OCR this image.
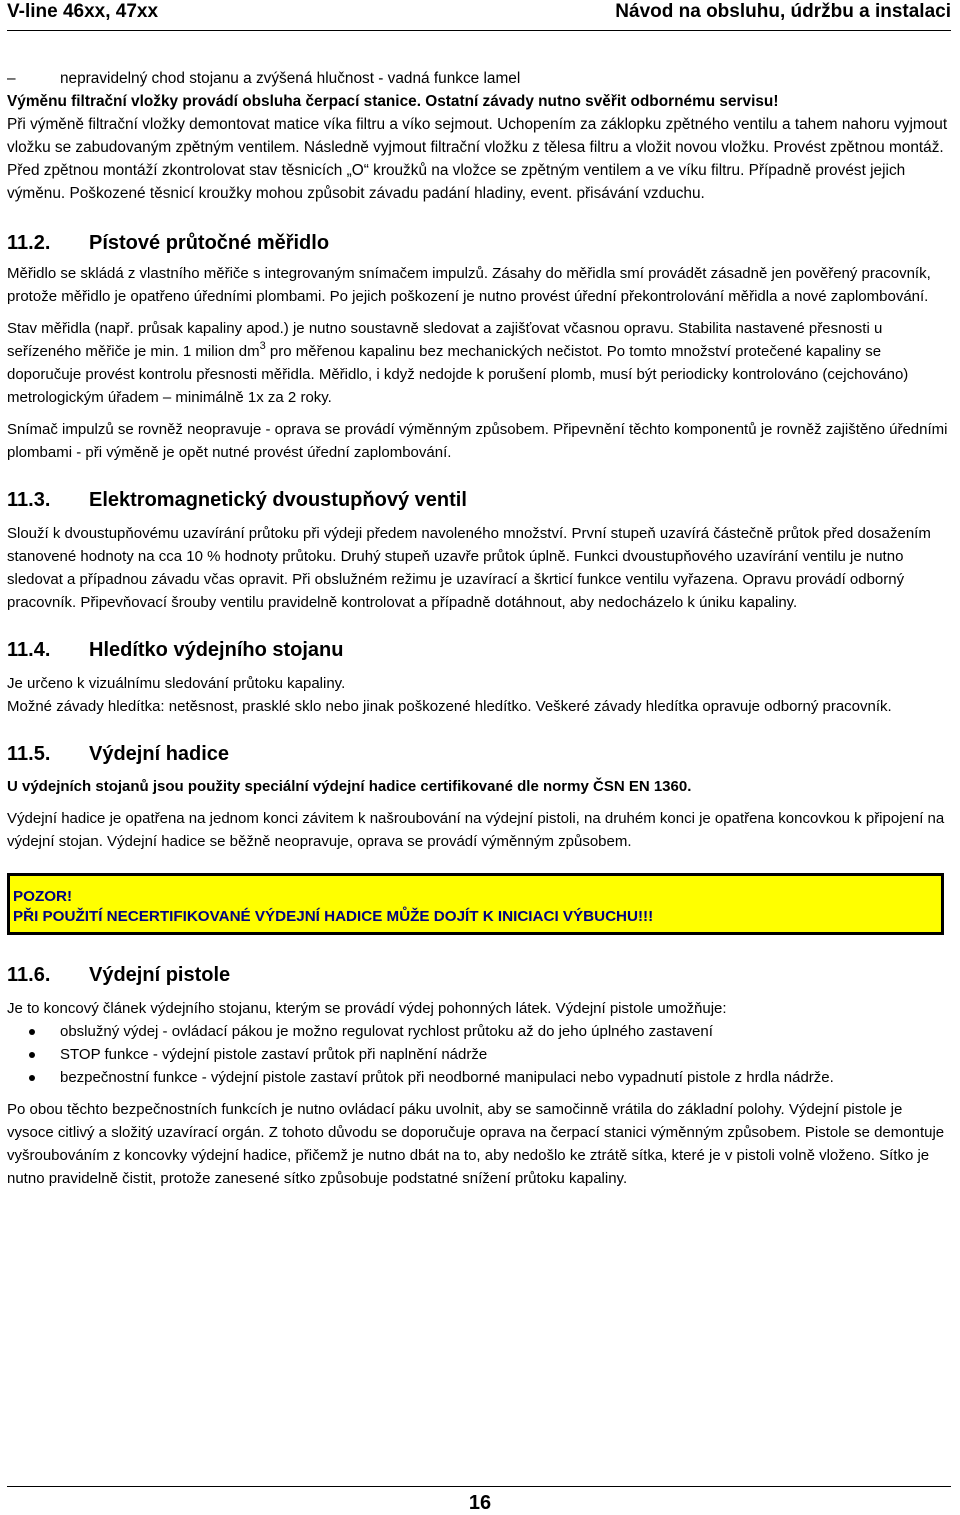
V-line 46xx, 47xx	Návod na obsluhu, údržbu a instalaci
–	nepravidelný chod stojanu a zvýšená hlučnost - vadná funkce lamel

Výměnu filtrační vložky provádí obsluha čerpací stanice. Ostatní závady nutno svěřit odbornému servisu!

Při výměně filtrační vložky demontovat matice víka filtru a víko sejmout. Uchopením za záklopku zpětného ventilu a tahem nahoru vyjmout vložku se zabudovaným zpětným ventilem. Následně vyjmout filtrační vložku z tělesa filtru a vložit novou vložku. Provést zpětnou montáž. Před zpětnou montáží zkontrolovat stav těsnicích „O“ kroužků na vložce se zpětným ventilem a ve víku filtru. Případně provést jejich výměnu. Poškozené těsnicí kroužky mohou způsobit závadu padání hladiny, event. přisávání vzduchu.

11.2.	Pístové průtočné měřidlo

Měřidlo se skládá z vlastního měřiče s integrovaným snímačem impulzů. Zásahy do měřidla smí provádět zásadně jen pověřený pracovník, protože měřidlo je opatřeno úředními plombami. Po jejich poškození je nutno provést úřední překontrolování měřidla a nové zaplombování.

Stav měřidla (např. průsak kapaliny apod.) je nutno soustavně sledovat a zajišťovat včasnou opravu. Stabilita nastavené přesnosti u seřízeného měřiče je min. 1 milion $dm^3$ pro měřenou kapalinu bez mechanických nečistot. Po tomto množství protečené kapaliny se doporučuje provést kontrolu přesnosti měřidla. Měřidlo, i když nedojde k porušení plomb, musí být periodicky kontrolováno (cejchováno) metrologickým úřadem – minimálně 1x za 2 roky.

Snímač impulzů se rovněž neopravuje - oprava se provádí výměnným způsobem. Připevnění těchto komponentů je rovněž zajištěno úředními plombami - při výměně je opět nutné provést úřední zaplombování.

11.3.	Elektromagnetický dvoustupňový ventil

Slouží k dvoustupňovému uzavírání průtoku při výdeji předem navoleného množství. První stupeň uzavírá částečně průtok před dosažením stanovené hodnoty na cca 10 % hodnoty průtoku. Druhý stupeň uzavře průtok úplně. Funkci dvoustupňového uzavírání ventilu je nutno sledovat a případnou závadu včas opravit. Při obslužném režimu je uzavírací a škrticí funkce ventilu vyřazena. Opravu provádí odborný pracovník. Připevňovací šrouby ventilu pravidelně kontrolovat a případně dotáhnout, aby nedocházelo k úniku kapaliny.

11.4.	Hledítko výdejního stojanu

Je určeno k vizuálnímu sledování průtoku kapaliny.

Možné závady hledítka: netěsnost, prasklé sklo nebo jinak poškozené hledítko. Veškeré závady hledítka opravuje odborný pracovník.

11.5.	Výdejní hadice

U výdejních stojanů jsou použity speciální výdejní hadice certifikované dle normy ČSN EN 1360.

Výdejní hadice je opatřena na jednom konci závitem k našroubování na výdejní pistoli, na druhém konci je opatřena koncovkou k připojení na výdejní stojan. Výdejní hadice se běžně neopravuje, oprava se provádí výměnným způsobem.

POZOR!
PŘI POUŽITÍ NECERTIFIKOVANÉ VÝDEJNÍ HADICE MŮŽE DOJÍT K INICIACI VÝBUCHU!!!
11.6.	Výdejní pistole

Je to koncový článek výdejního stojanu, kterým se provádí výdej pohonných látek. Výdejní pistole umožňuje:

obslužný výdej - ovládací pákou je možno regulovat rychlost průtoku až do jeho úplného zastavení
STOP funkce - výdejní pistole zastaví průtok při naplnění nádrže
bezpečnostní funkce - výdejní pistole zastaví průtok při neodborné manipulaci nebo vypadnutí pistole z hrdla nádrže.

Po obou těchto bezpečnostních funkcích je nutno ovládací páku uvolnit, aby se samočinně vrátila do základní polohy. Výdejní pistole je vysoce citlivý a složitý uzavírací orgán. Z tohoto důvodu se doporučuje oprava na čerpací stanici výměnným způsobem. Pistole se demontuje vyšroubováním z koncovky výdejní hadice, přičemž je nutno dbát na to, aby nedošlo ke ztrátě sítka, které je v pistoli volně vloženo. Sítko je nutno pravidelně čistit, protože zanesené sítko způsobuje podstatné snížení průtoku kapaliny.

16
